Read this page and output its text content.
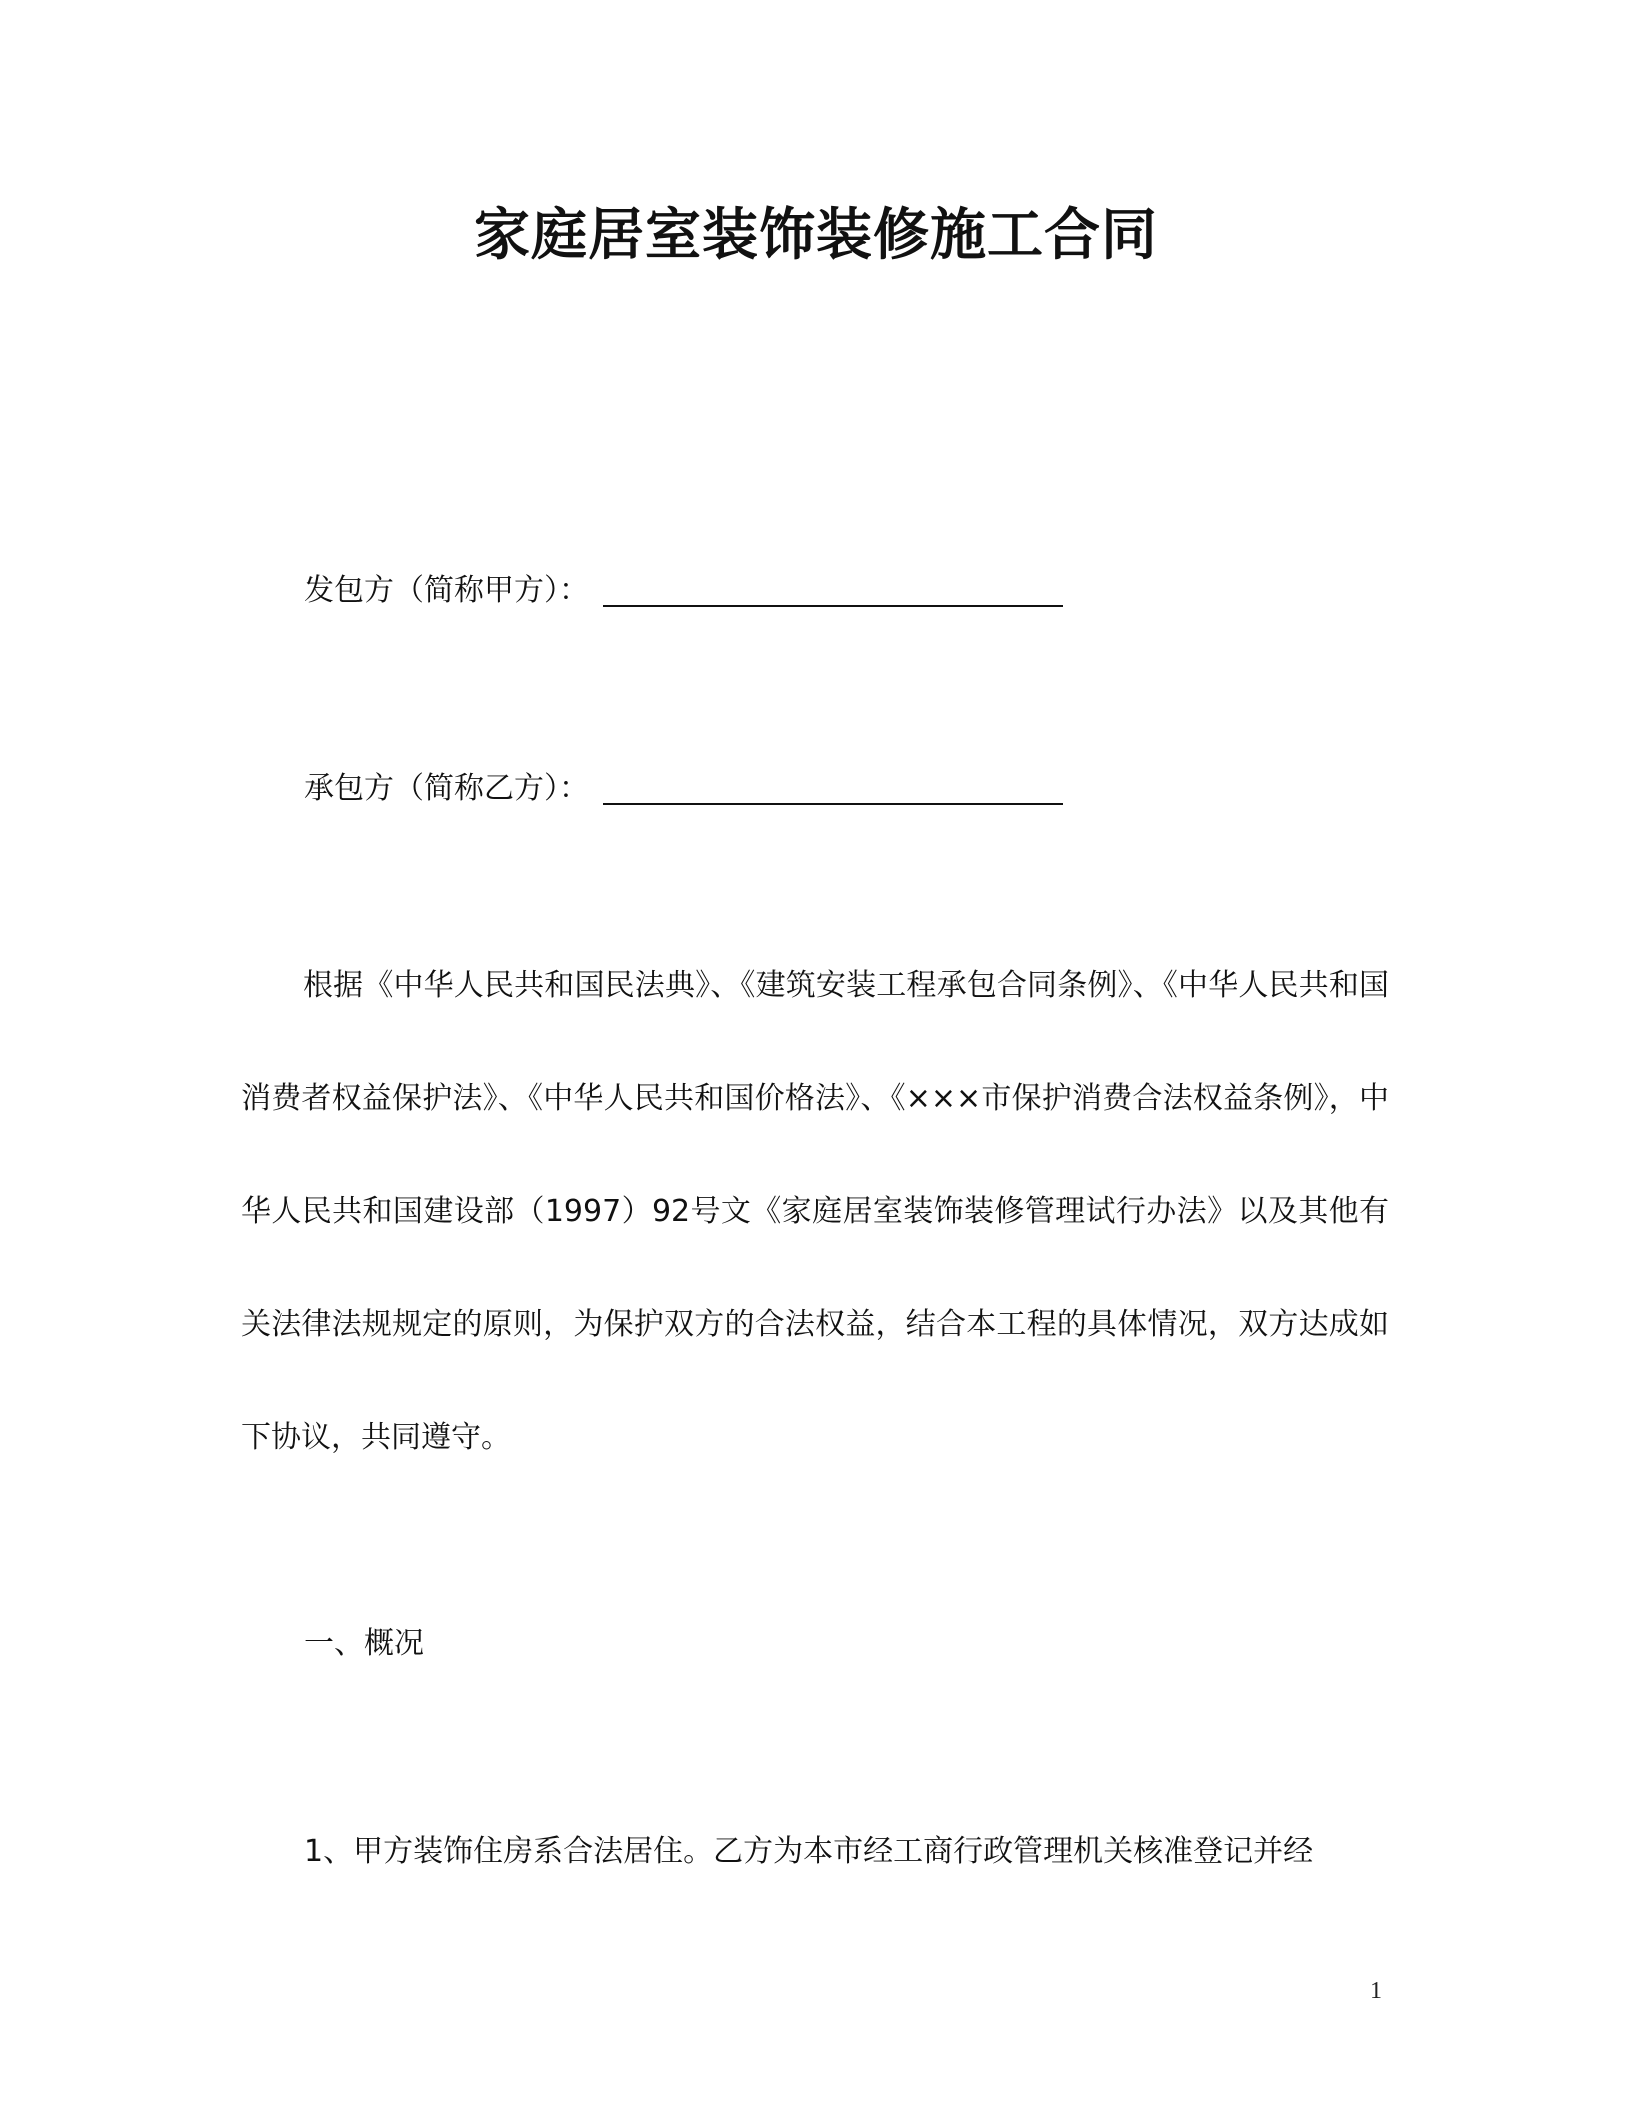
家庭居室装饰装修施工合同
发包方（简称甲方）：
承包方（简称乙方）：

根据《中华人民共和国民法典》、《建筑安装工程承包合同条例》、《中华人民共和国消费者权益保护法》、《中华人民共和国价格法》、《×××市保护消费合法权益条例》，中华人民共和国建设部（1997）92号文《家庭居室装饰装修管理试行办法》以及其他有关法律法规规定的原则，为保护双方的合法权益，结合本工程的具体情况，双方达成如下协议，共同遵守。

一、概况
1、甲方装饰住房系合法居住。乙方为本市经工商行政管理机关核准登记并经
1
